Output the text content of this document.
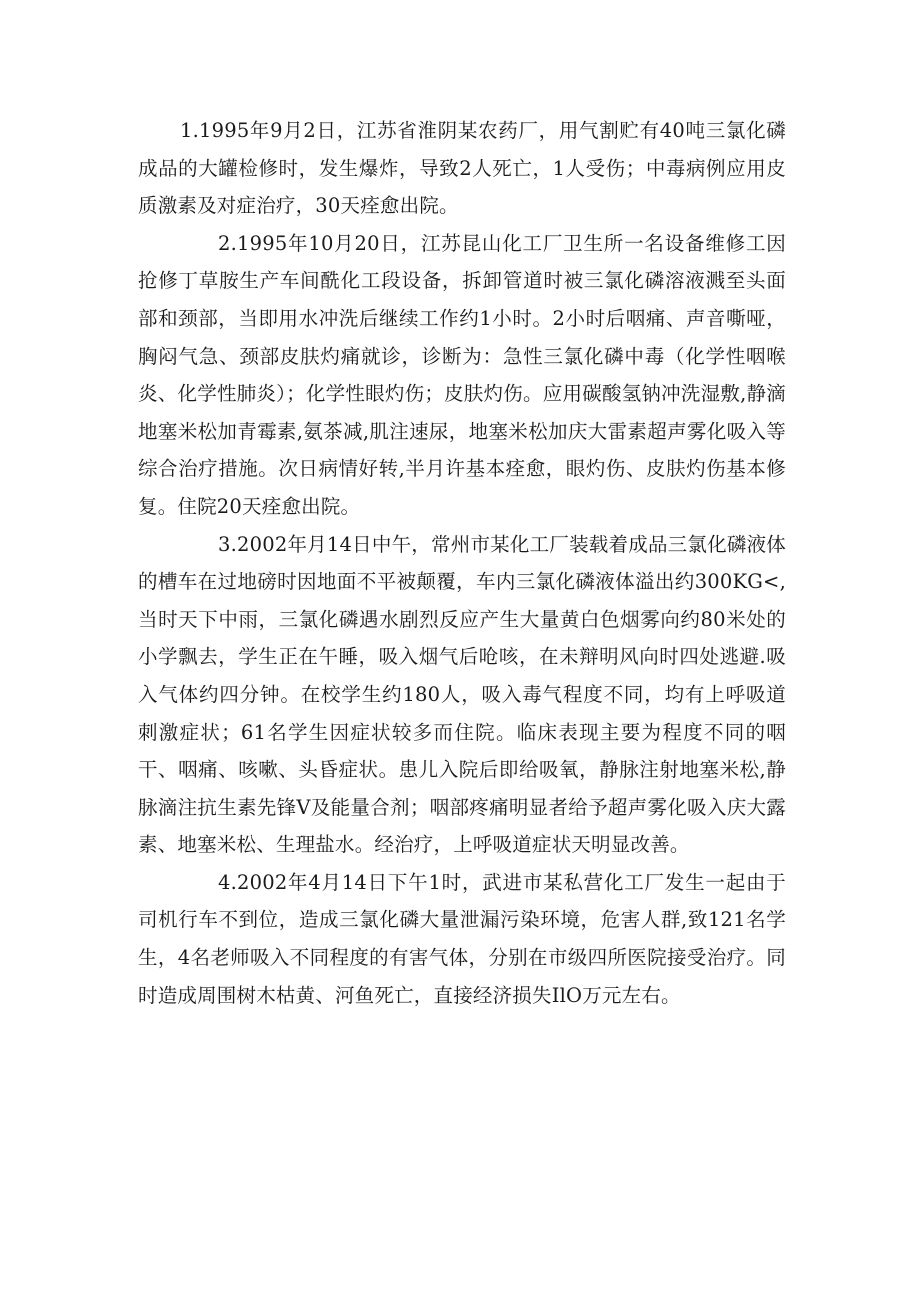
1.1995年9月2日，江苏省淮阴某农药厂，用气割贮有40吨三氯化磷成品的大罐检修时，发生爆炸，导致2人死亡，1人受伤；中毒病例应用皮质激素及对症治疗，30天痊愈出院。

2.1995年10月20日，江苏昆山化工厂卫生所一名设备维修工因抢修丁草胺生产车间酰化工段设备，拆卸管道时被三氯化磷溶液溅至头面部和颈部，当即用水冲洗后继续工作约1小时。2小时后咽痛、声音嘶哑，胸闷气急、颈部皮肤灼痛就诊，诊断为：急性三氯化磷中毒（化学性咽喉炎、化学性肺炎）；化学性眼灼伤；皮肤灼伤。应用碳酸氢钠冲洗湿敷,静滴地塞米松加青霉素,氨茶减,肌注速尿，地塞米松加庆大雷素超声雾化吸入等综合治疗措施。次日病情好转,半月许基本痊愈，眼灼伤、皮肤灼伤基本修复。住院20天痊愈出院。

3.2002年月14日中午，常州市某化工厂装载着成品三氯化磷液体的槽车在过地磅时因地面不平被颠覆，车内三氯化磷液体溢出约300KG<,当时天下中雨，三氯化磷遇水剧烈反应产生大量黄白色烟雾向约80米处的小学飘去，学生正在午睡，吸入烟气后呛咳，在未辩明风向时四处逃避.吸入气体约四分钟。在校学生约180人，吸入毒气程度不同，均有上呼吸道刺激症状；61名学生因症状较多而住院。临床表现主要为程度不同的咽干、咽痛、咳嗽、头昏症状。患儿入院后即给吸氧，静脉注射地塞米松,静脉滴注抗生素先锋V及能量合剂；咽部疼痛明显者给予超声雾化吸入庆大露素、地塞米松、生理盐水。经治疗，上呼吸道症状天明显改善。

4.2002年4月14日下午1时，武进市某私营化工厂发生一起由于司机行车不到位，造成三氯化磷大量泄漏污染环境，危害人群,致121名学生，4名老师吸入不同程度的有害气体，分别在市级四所医院接受治疗。同时造成周围树木枯黄、河鱼死亡，直接经济损失IlO万元左右。
